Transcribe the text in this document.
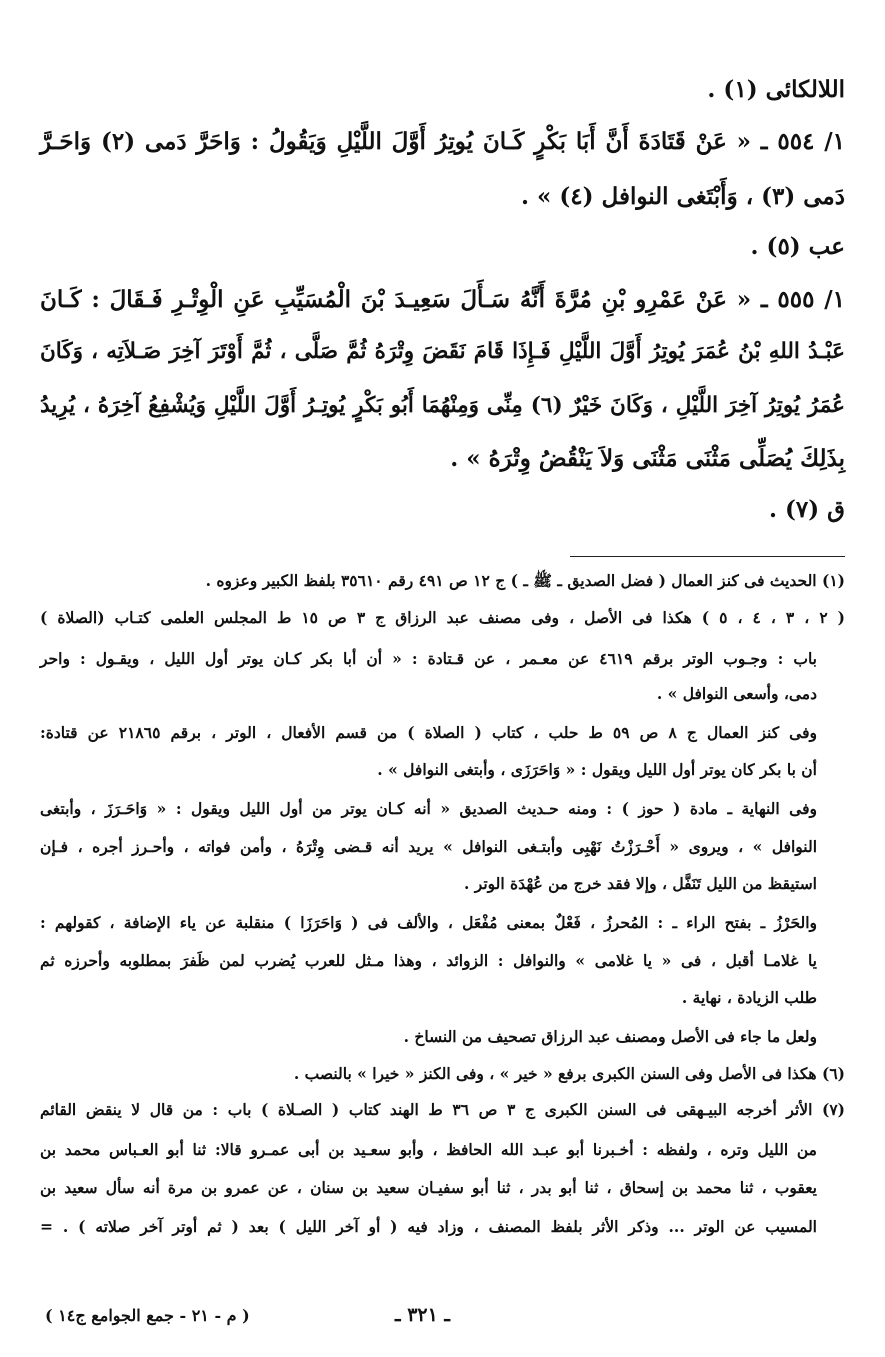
اللالكائى (١) .
١/ ٥٥٤ ـ « عَنْ قَتَادَةَ أَنَّ أَبَا بَكْرٍ كَـانَ يُوتِرُ أَوَّلَ اللَّيْلِ وَيَقُولُ : وَاحَرَّ دَمى (٢) وَاحَـرَّ
دَمى (٣) ، وَأَبْتَغى النوافل (٤) » .
عب (٥) .
١/ ٥٥٥ ـ « عَنْ عَمْرِو بْنِ مُرَّةَ أَنَّهُ سَـأَلَ سَعِيـدَ بْنَ الْمُسَيِّبِ عَنِ الْوِتْـرِ فَـقَالَ : كَـانَ
عَبْـدُ اللهِ بْنُ عُمَرَ يُوتِرُ أَوَّلَ اللَّيْلِ فَـإِذَا قَامَ نَقَضَ وِتْرَهُ ثُمَّ صَلَّى ، ثُمَّ أَوْتَرَ آخِرَ صَـلاَتِه ، وَكَانَ
عُمَرُ يُوتِرُ آخِرَ اللَّيْلِ ، وَكَانَ خَيْرٌ (٦) مِنِّى وَمِنْهُمَا أَبُو بَكْرٍ يُوتِـرُ أَوَّلَ اللَّيْلِ وَيُشْفِعُ آخِرَهُ ، يُرِيدُ
بِذَلِكَ يُصَلِّى مَثْنَى مَثْنَى وَلاَ يَنْقُضُ وِتْرَهُ » .
ق (٧) .
(١) الحديث فى كنز العمال ( فضل الصديق ـ ﷺ ـ ) ج ١٢ ص ٤٩١ رقم ٣٥٦١٠ بلفظ الكبير وعزوه .
( ٢ ، ٣ ، ٤ ، ٥ ) هكذا فى الأصل ، وفى مصنف عبد الرزاق ج ٣ ص ١٥ ط المجلس العلمى كتـاب (الصلاة )
باب : وجـوب الوتر برقم ٤٦١٩ عن معـمر ، عن قـتادة : « أن أبا بكر كـان يوتر أول الليل ، ويقـول : واحر
دمى، وأسعى النوافل » .
وفى كنز العمال ج ٨ ص ٥٩ ط حلب ، كتاب ( الصلاة ) من قسم الأفعال ، الوتر ، برقم ٢١٨٦٥ عن قتادة:
أن با بكر كان يوتر أول الليل ويقول : « وَاحَرَزَى ، وأبتغى النوافل » .
وفى النهاية ـ مادة ( حوز ) : ومنه حـديث الصديق « أنه كـان يوتر من أول الليل ويقول : « وَاحَـرَزَ ، وأبتغى
النوافل » ، ويروى « أَحْـرَزْتُ نَهْبِى وأبتـغى النوافل » يريد أنه قـضى وِتْرَهُ ، وأمن فواته ، وأحـرز أجره ، فـإن
استيقظ من الليل تَنَفَّل ، وإلا فقد خرج من عُهْدَة الوتر .
والحَرْزُ ـ بفتح الراء ـ : المُحرزُ ، فَعْلٌ بمعنى مُفْعَل ، والألف فى ( وَاحَرَزَا ) منقلبة عن ياء الإضافة ، كقولهم :
يا غلامـا أقبل ، فى « يا غلامى » والنوافل : الزوائد ، وهذا مـثل للعرب يُضرب لمن ظَفرَ بمطلوبه وأحرزه ثم
طلب الزيادة ، نهاية .
ولعل ما جاء فى الأصل ومصنف عبد الرزاق تصحيف من النساخ .
(٦) هكذا فى الأصل وفى السنن الكبرى برفع « خير » ، وفى الكنز « خيرا » بالنصب .
(٧) الأثر أخرجه البيـهقى فى السنن الكبرى ج ٣ ص ٣٦ ط الهند كتاب ( الصـلاة ) باب : من قال لا ينقض القائم
من الليل وتره ، ولفظه : أخـبرنا أبو عبـد الله الحافظ ، وأبو سعـيد بن أبى عمـرو قالا: ثنا أبو العـباس محمد بن
يعقوب ، ثنا محمد بن إسحاق ، ثنا أبو بدر ، ثنا أبو سفيـان سعيد بن سنان ، عن عمرو بن مرة أنه سأل سعيد بن
المسيب عن الوتر ... وذكر الأثر بلفظ المصنف ، وزاد فيه ( أو آخر الليل ) بعد ( ثم أوتر آخر صلاته ) . =
ـ ٣٢١ ـ
( م - ٢١ - جمع الجوامع ج١٤ )
